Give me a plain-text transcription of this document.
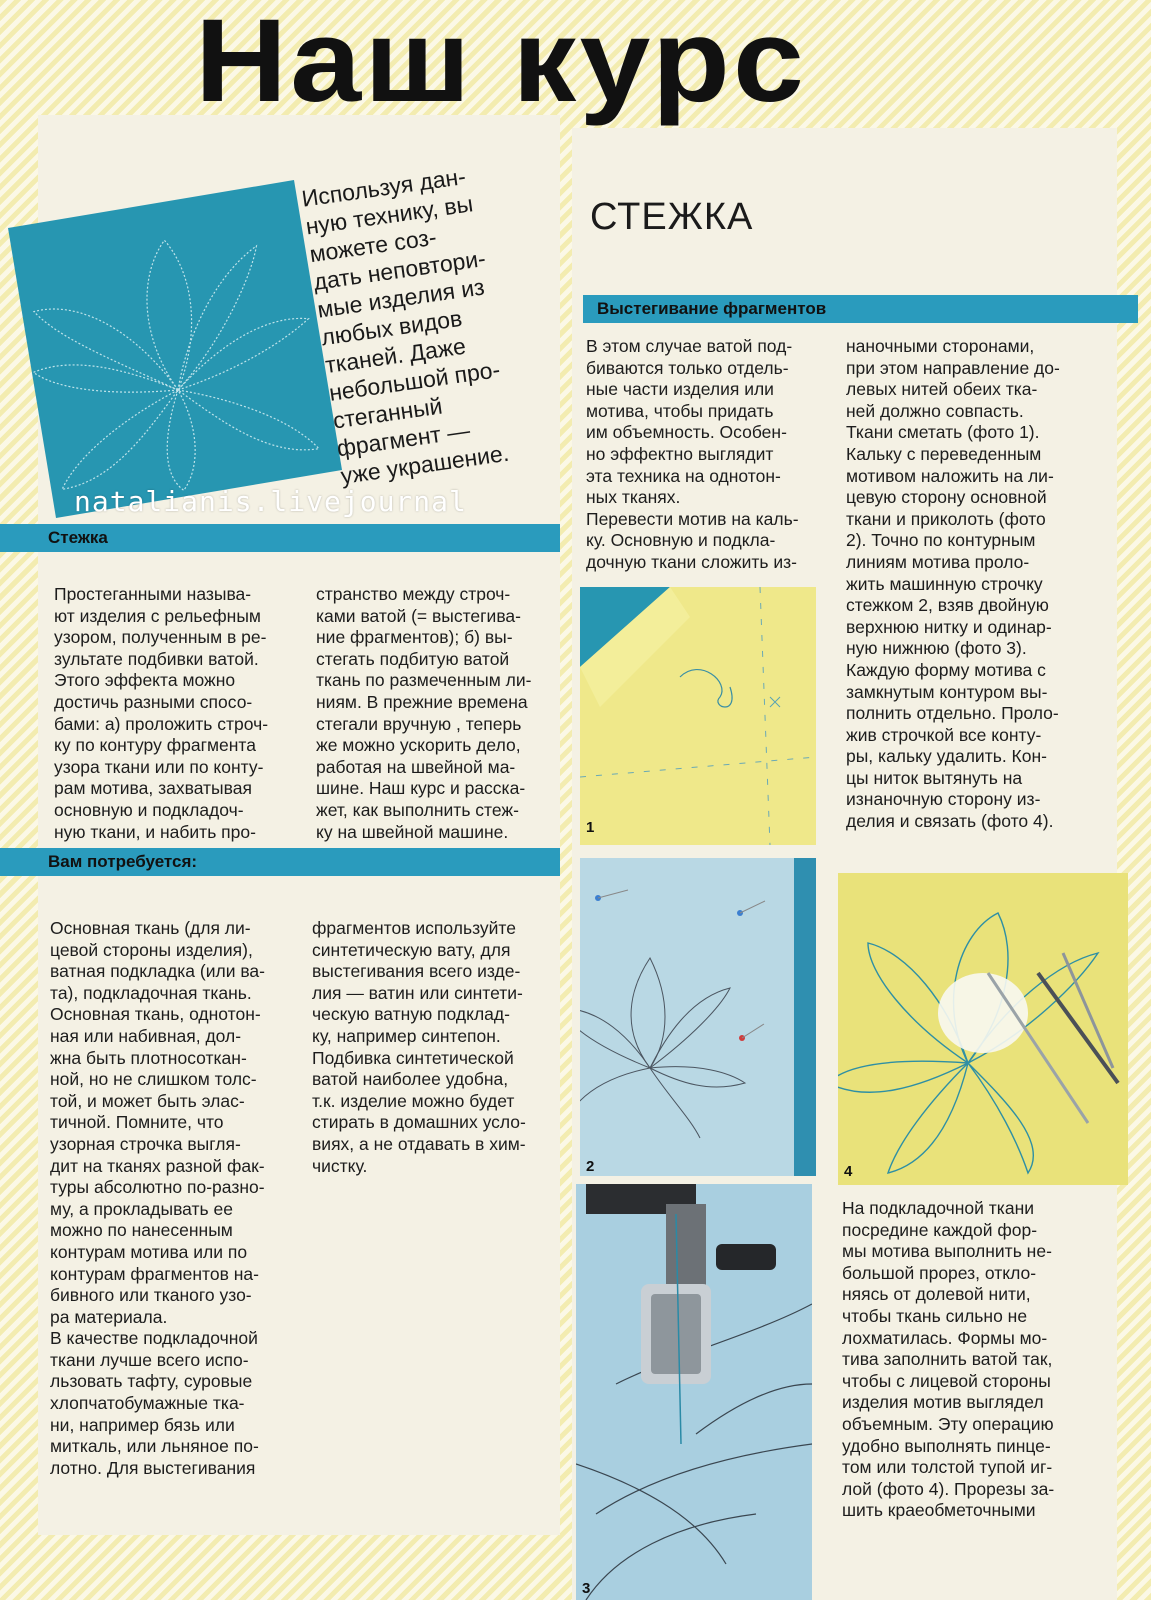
Наш курс
Используя дан-
ную технику, вы
можете соз-
дать неповтори-
мые изделия из
любых видов
тканей. Даже
небольшой про-
стеганный
фрагмент —
уже украшение.
natalianis.livejournal
СТЕЖКА
Стежка
Простеганными называ-
ют изделия с рельефным
узором, полученным в ре-
зультате подбивки ватой.
Этого эффекта можно
достичь разными спосо-
бами: а) проложить строч-
ку по контуру фрагмента
узора ткани или по конту-
рам мотива, захватывая
основную и подкладоч-
ную ткани, и набить про-
странство между строч-
ками ватой (= выстегива-
ние фрагментов); б) вы-
стегать подбитую ватой
ткань по размеченным ли-
ниям. В прежние времена
стегали вручную , теперь
же можно ускорить дело,
работая на швейной ма-
шине. Наш курс и расска-
жет, как выполнить стеж-
ку на швейной машине.
Вам потребуется:
Основная ткань (для ли-
цевой стороны изделия),
ватная подкладка (или ва-
та), подкладочная ткань.
Основная ткань, однотон-
ная или набивная, дол-
жна быть плотносоткан-
ной, но не слишком толс-
той, и может быть элас-
тичной. Помните, что
узорная строчка выгля-
дит на тканях разной фак-
туры абсолютно по-разно-
му, а прокладывать ее
можно по нанесенным
контурам мотива или по
контурам фрагментов на-
бивного или тканого узо-
ра материала.
В качестве подкладочной
ткани лучше всего испо-
льзовать тафту, суровые
хлопчатобумажные тка-
ни, например бязь или
миткаль, или льняное по-
лотно. Для выстегивания
фрагментов используйте
синтетическую вату, для
выстегивания всего изде-
лия — ватин или синтети-
ческую ватную подклад-
ку, например синтепон.
Подбивка синтетической
ватой наиболее удобна,
т.к. изделие можно будет
стирать в домашних усло-
виях, а не отдавать в хим-
чистку.
Выстегивание фрагментов
В этом случае ватой под-
биваются только отдель-
ные части изделия или
мотива, чтобы придать
им объемность. Особен-
но эффектно выглядит
эта техника на однотон-
ных тканях.
Перевести мотив на каль-
ку. Основную и подкла-
дочную ткани сложить из-
наночными сторонами,
при этом направление до-
левых нитей обеих тка-
ней должно совпасть.
Ткани сметать (фото 1).
Кальку с переведенным
мотивом наложить на ли-
цевую сторону основной
ткани и приколоть (фото
2). Точно по контурным
линиям мотива проло-
жить машинную строчку
стежком 2, взяв двойную
верхнюю нитку и одинар-
ную нижнюю (фото 3).
Каждую форму мотива с
замкнутым контуром вы-
полнить отдельно. Проло-
жив строчкой все конту-
ры, кальку удалить. Кон-
цы ниток вытянуть на
изнаночную сторону из-
делия и связать (фото 4).
1
2	4
3
На подкладочной ткани
посредине каждой фор-
мы мотива выполнить не-
большой прорез, откло-
няясь от долевой нити,
чтобы ткань сильно не
лохматилась. Формы мо-
тива заполнить ватой так,
чтобы с лицевой стороны
изделия мотив выглядел
объемным. Эту операцию
удобно выполнять пинце-
том или толстой тупой иг-
лой (фото 4). Прорезы за-
шить краеобметочными
